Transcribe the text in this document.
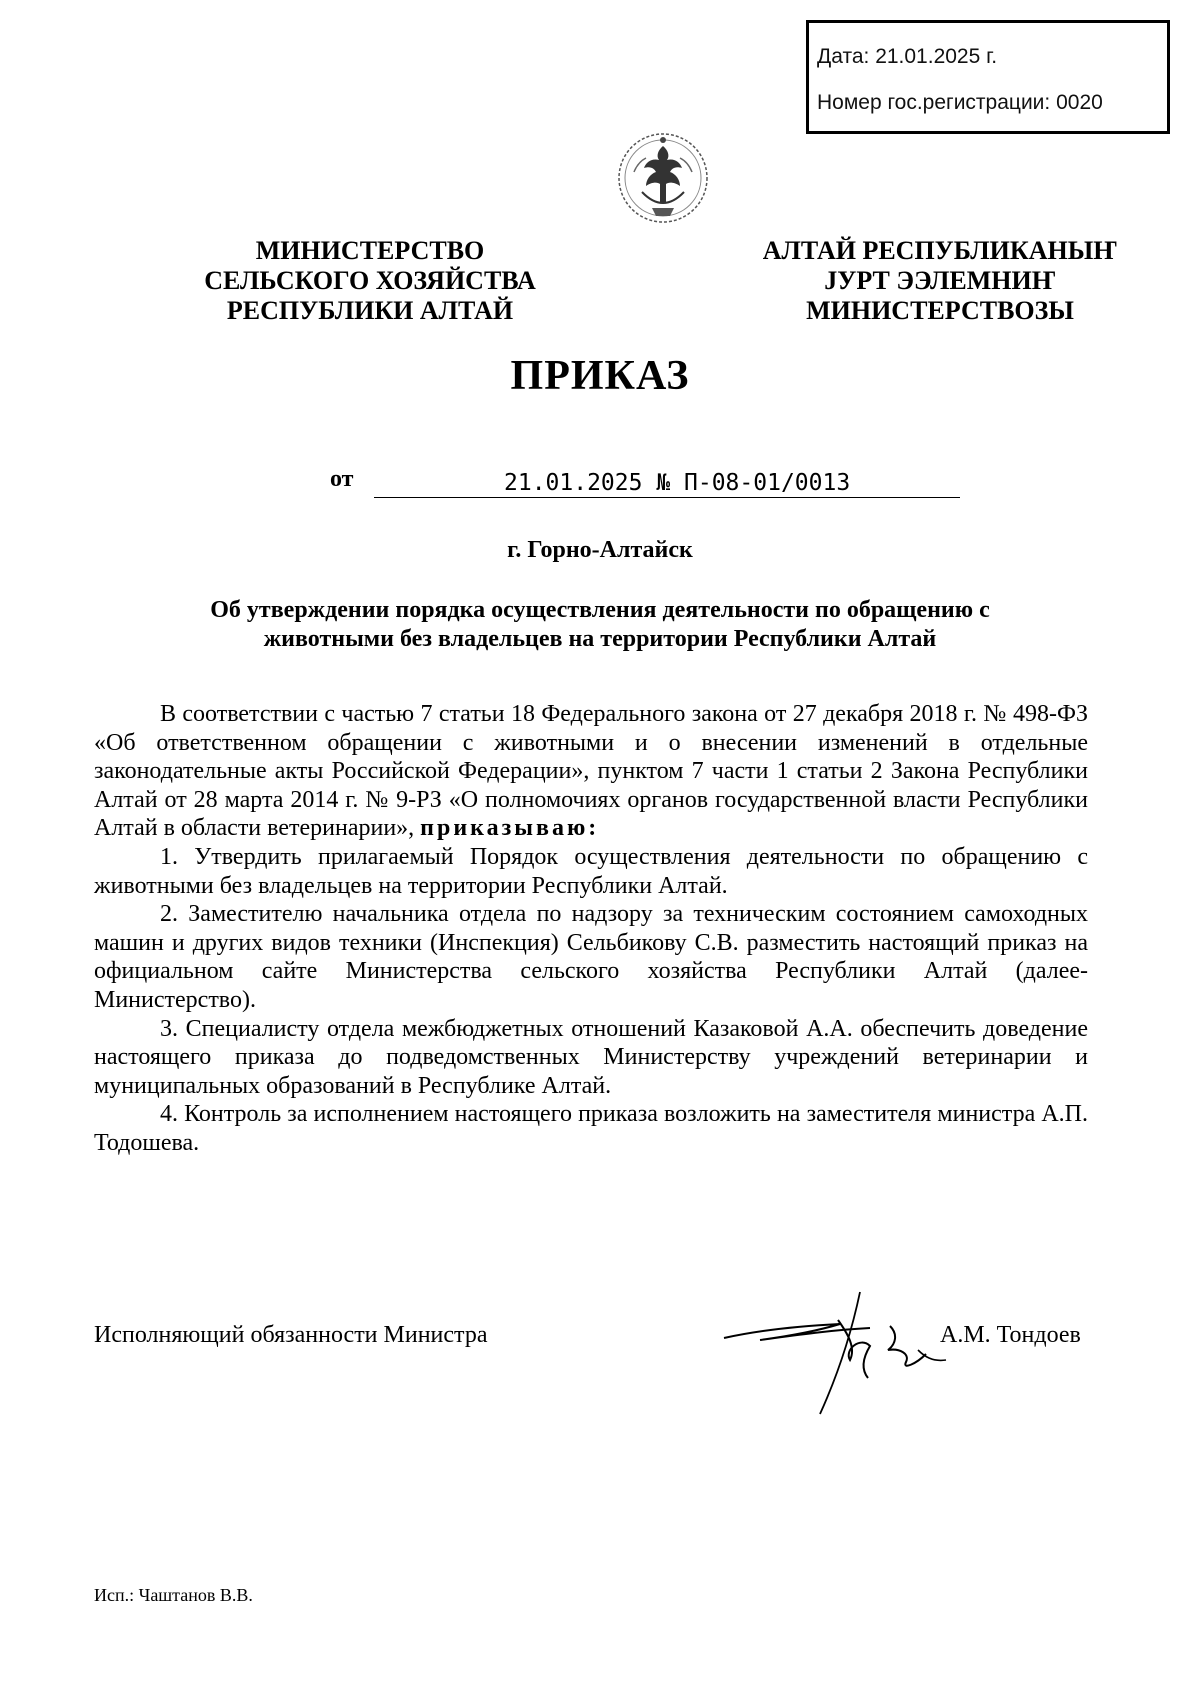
Дата: 21.01.2025 г.
Номер гос.регистрации: 0020
МИНИСТЕРСТВО
СЕЛЬСКОГО ХОЗЯЙСТВА
РЕСПУБЛИКИ АЛТАЙ
АЛТАЙ РЕСПУБЛИКАНЫҤ
ЈУРТ ЭЭЛЕМНИҤ
МИНИСТЕРСТВОЗЫ
ПРИКАЗ
от	21.01.2025 № П-08-01/0013
г. Горно-Алтайск
Об утверждении порядка осуществления деятельности по обращению с
животными без владельцев на территории Республики Алтай

В соответствии с частью 7 статьи 18 Федерального закона от 27 декабря 2018 г. № 498-ФЗ «Об ответственном обращении с животными и о внесении изменений в отдельные законодательные акты Российской Федерации», пунктом 7 части 1 статьи 2 Закона Республики Алтай от 28 марта 2014 г. № 9-РЗ «О полномочиях органов государственной власти Республики Алтай в области ветеринарии», приказываю:

1. Утвердить прилагаемый Порядок осуществления деятельности по обращению с животными без владельцев на территории Республики Алтай.

2. Заместителю начальника отдела по надзору за техническим состоянием самоходных машин и других видов техники (Инспекция) Сельбикову С.В. разместить настоящий приказ на официальном сайте Министерства сельского хозяйства Республики Алтай (далее-Министерство).

3. Специалисту отдела межбюджетных отношений Казаковой А.А. обеспечить доведение настоящего приказа до подведомственных Министерству учреждений ветеринарии и муниципальных образований в Республике Алтай.

4. Контроль за исполнением настоящего приказа возложить на заместителя министра А.П. Тодошева.

Исполняющий обязанности Министра	А.М. Тондоев
Исп.: Чаштанов В.В.
